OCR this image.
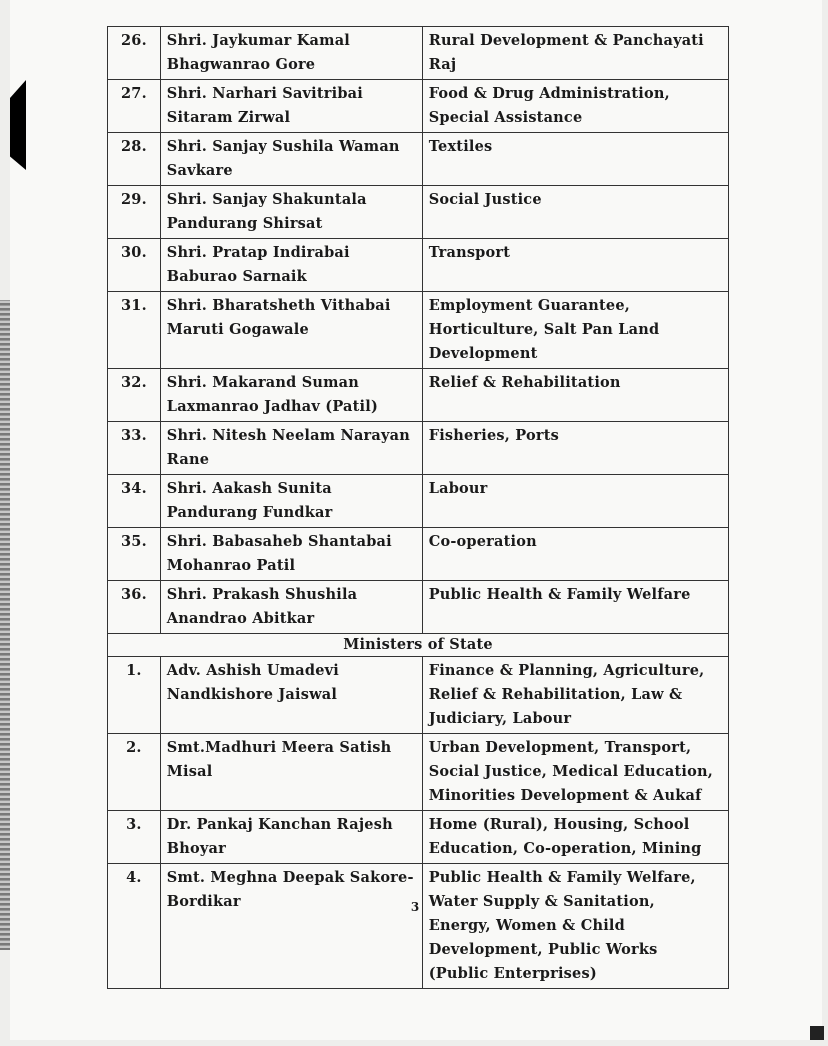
26.	Shri. Jaykumar Kamal Bhagwanrao Gore	Rural Development & Panchayati Raj
27.	Shri. Narhari Savitribai Sitaram Zirwal	Food & Drug Administration, Special Assistance
28.	Shri. Sanjay Sushila Waman Savkare	Textiles
29.	Shri. Sanjay Shakuntala Pandurang Shirsat	Social Justice
30.	Shri. Pratap Indirabai Baburao Sarnaik	Transport
31.	Shri. Bharatsheth Vithabai Maruti Gogawale	Employment Guarantee, Horticulture, Salt Pan Land Development
32.	Shri. Makarand Suman Laxmanrao Jadhav (Patil)	Relief & Rehabilitation
33.	Shri. Nitesh Neelam Narayan Rane	Fisheries, Ports
34.	Shri. Aakash Sunita Pandurang Fundkar	Labour
35.	Shri. Babasaheb Shantabai Mohanrao Patil	Co-operation
36.	Shri. Prakash Shushila Anandrao Abitkar	Public Health & Family Welfare
Ministers of State		
1.	Adv. Ashish Umadevi Nandkishore Jaiswal	Finance & Planning, Agriculture, Relief & Rehabilitation, Law & Judiciary, Labour
2.	Smt.Madhuri Meera Satish Misal	Urban Development, Transport, Social Justice, Medical Education, Minorities Development & Aukaf
3.	Dr. Pankaj Kanchan Rajesh Bhoyar	Home (Rural), Housing, School Education, Co-operation, Mining
4.	Smt. Meghna Deepak Sakore-Bordikar	Public Health & Family Welfare, Water Supply & Sanitation, Energy, Women & Child Development, Public Works (Public Enterprises)
3
